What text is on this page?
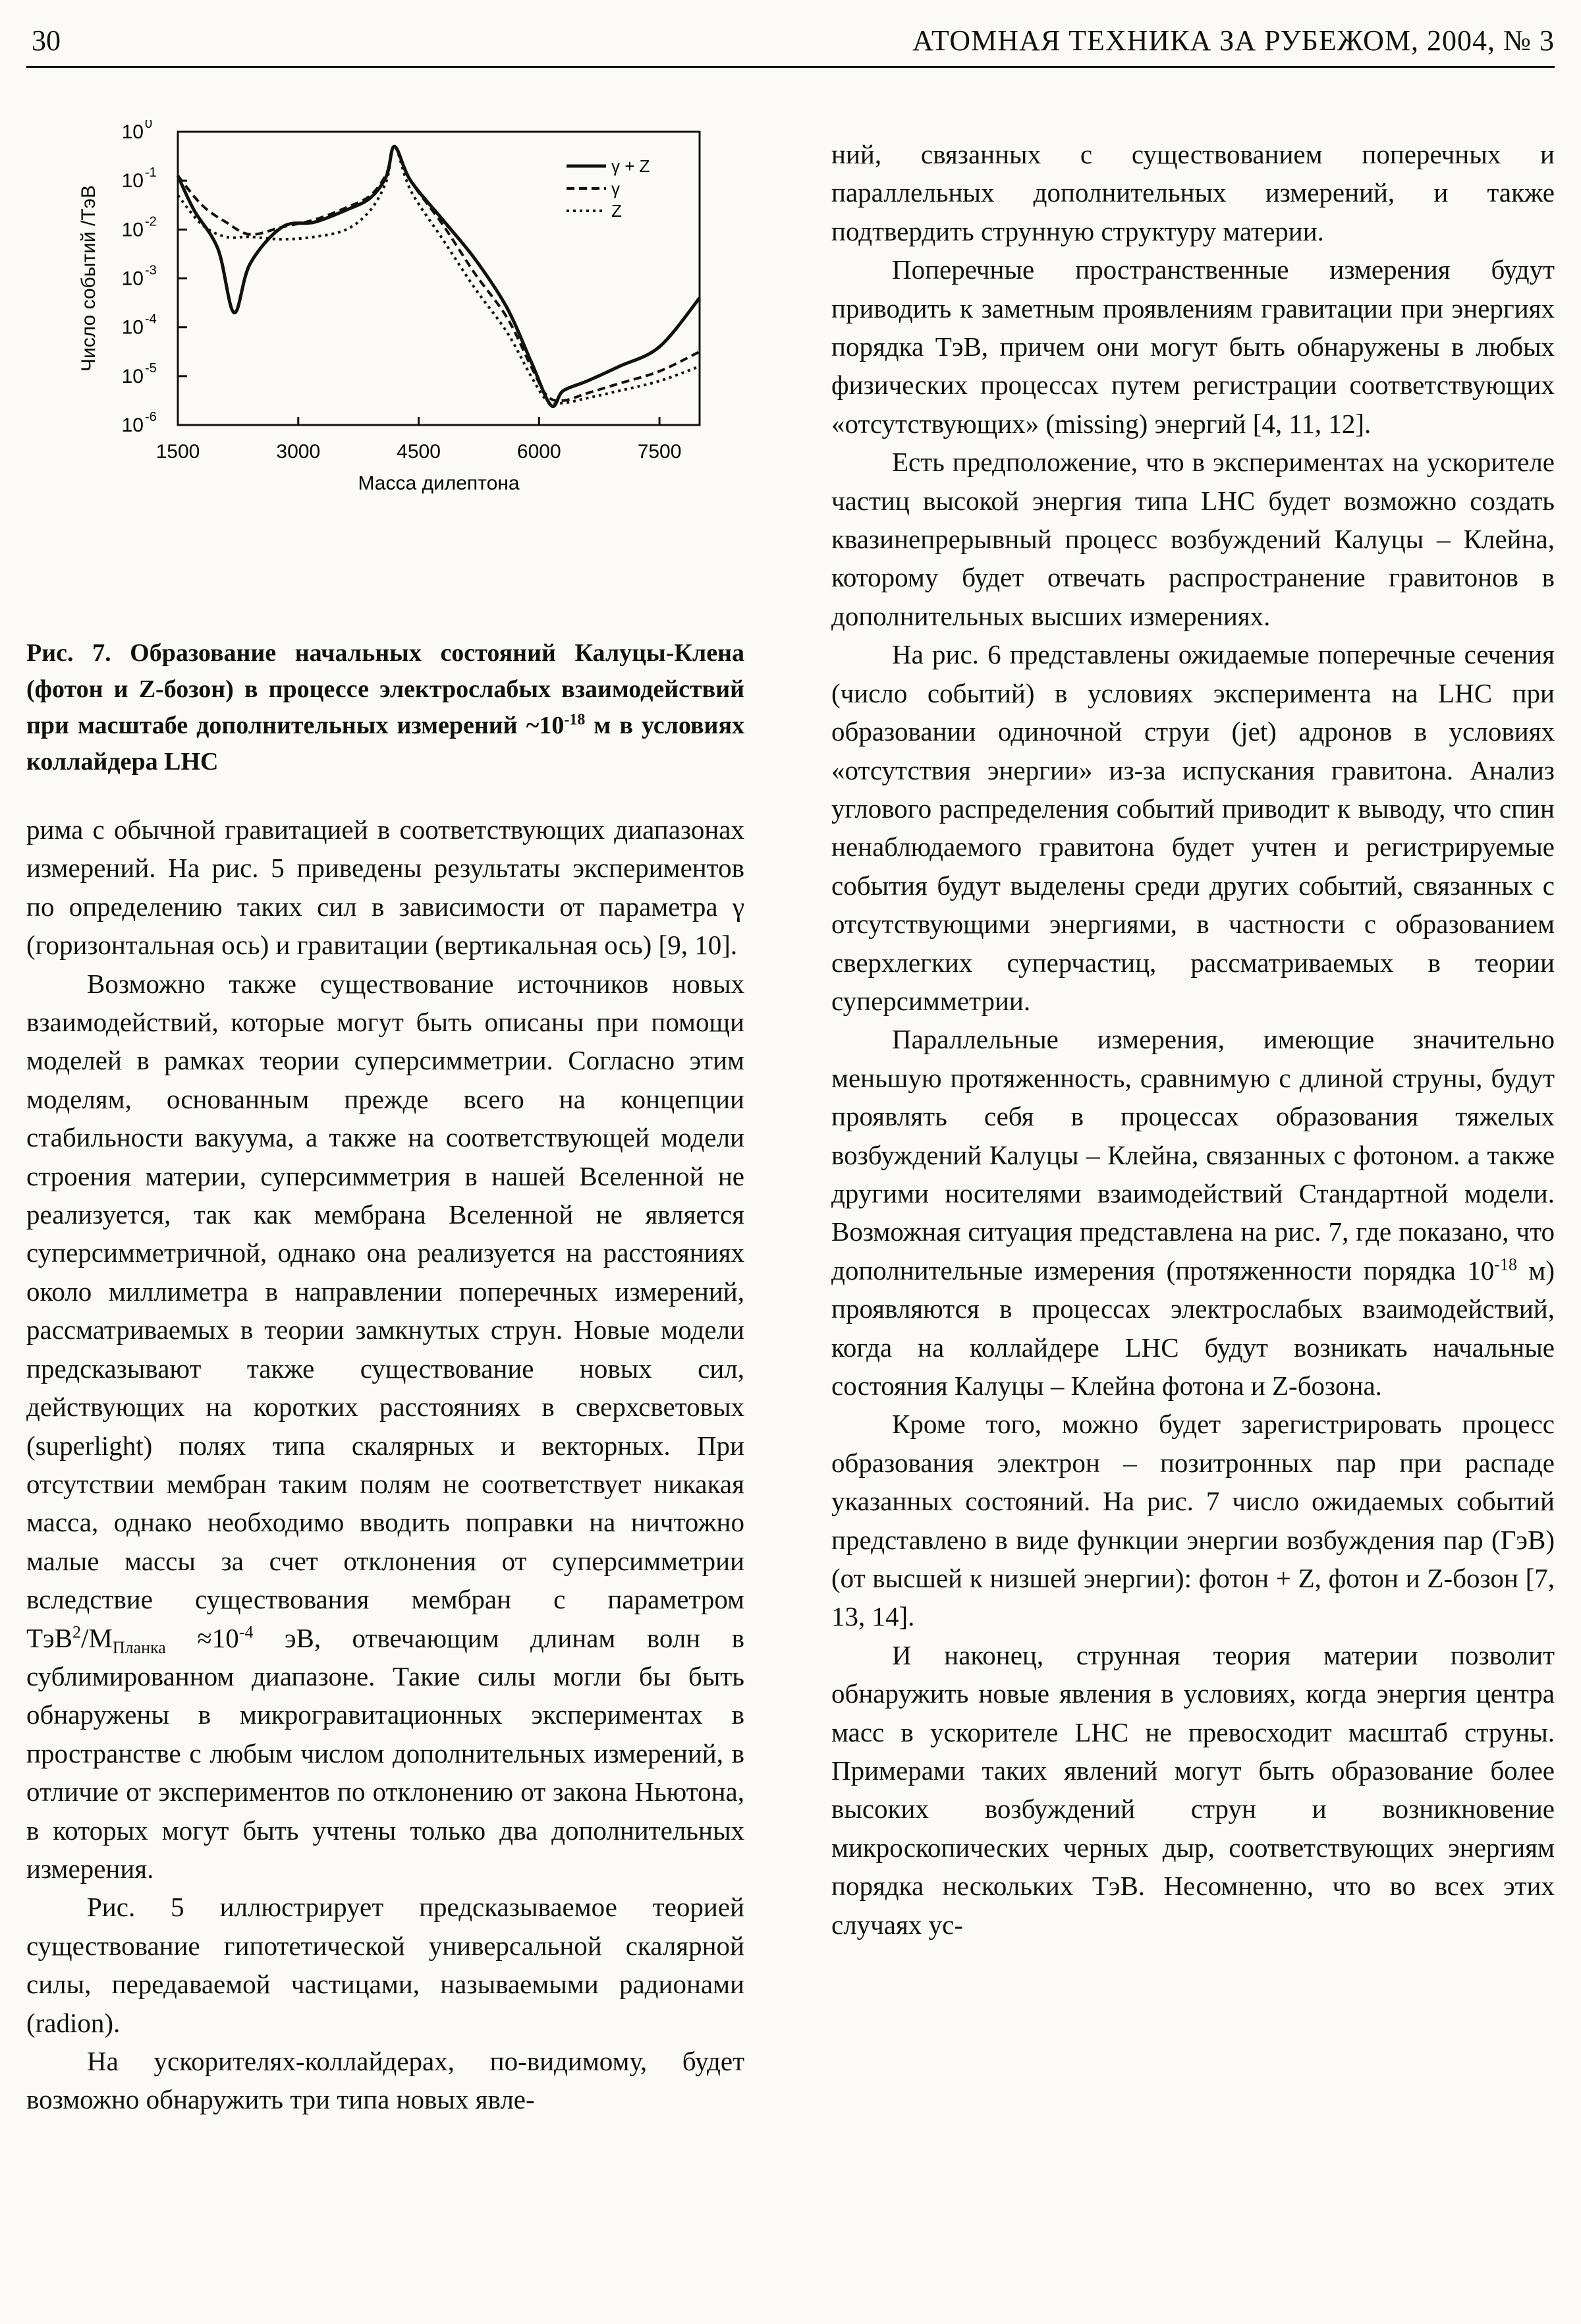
30	АТОМНАЯ ТЕХНИКА ЗА РУБЕЖОМ, 2004, № 3
1500	3000	4500	6000	7500
10 0
10 -1
10 -2
10 -3
10 -4
10 -5
10 -6
γ + Z
γ
Z
Масса дилептона
Число событий /ТэВ
Рис. 7. Образование начальных состояний Калуцы-Клена (фотон и Z-бозон) в процессе электрослабых взаимодействий при масштабе дополнительных измерений $\sim 10^{-18}$ м в условиях коллайдера LHC

рима с обычной гравитацией в соответствующих диапазонах измерений. На рис. 5 приведены результаты экспериментов по определению таких сил в зависимости от параметра γ (горизонтальная ось) и гравитации (вертикальная ось) [9, 10].

Возможно также существование источников новых взаимодействий, которые могут быть описаны при помощи моделей в рамках теории суперсимметрии. Согласно этим моделям, основанным прежде всего на концепции стабильности вакуума, а также на соответствующей модели строения материи, суперсимметрия в нашей Вселенной не реализуется, так как мембрана Вселенной не является суперсимметричной, однако она реализуется на расстояниях около миллиметра в направлении поперечных измерений, рассматриваемых в теории замкнутых струн. Новые модели предсказывают также существование новых сил, действующих на коротких расстояниях в сверхсветовых (superlight) полях типа скалярных и векторных. При отсутствии мембран таким полям не соответствует никакая масса, однако необходимо вводить поправки на ничтожно малые массы за счет отклонения от суперсимметрии вследствие существования мембран с параметром $ТэВ^2/M_{Планка} \approx 10^{-4}$ эВ, отвечающим длинам волн в сублимированном диапазоне. Такие силы могли бы быть обнаружены в микрогравитационных экспериментах в пространстве с любым числом дополнительных измерений, в отличие от экспериментов по отклонению от закона Ньютона, в которых могут быть учтены только два дополнительных измерения.

Рис. 5 иллюстрирует предсказываемое теорией существование гипотетической универсальной скалярной силы, передаваемой частицами, называемыми радионами (radion).

На ускорителях-коллайдерах, по-видимому, будет возможно обнаружить три типа новых явле-

ний, связанных с существованием поперечных и параллельных дополнительных измерений, и также подтвердить струнную структуру материи.

Поперечные пространственные измерения будут приводить к заметным проявлениям гравитации при энергиях порядка ТэВ, причем они могут быть обнаружены в любых физических процессах путем регистрации соответствующих «отсутствующих» (missing) энергий [4, 11, 12].

Есть предположение, что в экспериментах на ускорителе частиц высокой энергия типа LHC будет возможно создать квазинепрерывный процесс возбуждений Калуцы – Клейна, которому будет отвечать распространение гравитонов в дополнительных высших измерениях.

На рис. 6 представлены ожидаемые поперечные сечения (число событий) в условиях эксперимента на LHC при образовании одиночной струи (jet) адронов в условиях «отсутствия энергии» из-за испускания гравитона. Анализ углового распределения событий приводит к выводу, что спин ненаблюдаемого гравитона будет учтен и регистрируемые события будут выделены среди других событий, связанных с отсутствующими энергиями, в частности с образованием сверхлегких суперчастиц, рассматриваемых в теории суперсимметрии.

Параллельные измерения, имеющие значительно меньшую протяженность, сравнимую с длиной струны, будут проявлять себя в процессах образования тяжелых возбуждений Калуцы – Клейна, связанных с фотоном. а также другими носителями взаимодействий Стандартной модели. Возможная ситуация представлена на рис. 7, где показано, что дополнительные измерения (протяженности порядка $10^{-18}$ м) проявляются в процессах электрослабых взаимодействий, когда на коллайдере LHC будут возникать начальные состояния Калуцы – Клейна фотона и Z-бозона.

Кроме того, можно будет зарегистрировать процесс образования электрон – позитронных пар при распаде указанных состояний. На рис. 7 число ожидаемых событий представлено в виде функции энергии возбуждения пар (ГэВ) (от высшей к низшей энергии): фотон + Z, фотон и Z-бозон [7, 13, 14].

И наконец, струнная теория материи позволит обнаружить новые явления в условиях, когда энергия центра масс в ускорителе LHC не превосходит масштаб струны. Примерами таких явлений могут быть образование более высоких возбуждений струн и возникновение микроскопических черных дыр, соответствующих энергиям порядка нескольких ТэВ. Несомненно, что во всех этих случаях ус-
